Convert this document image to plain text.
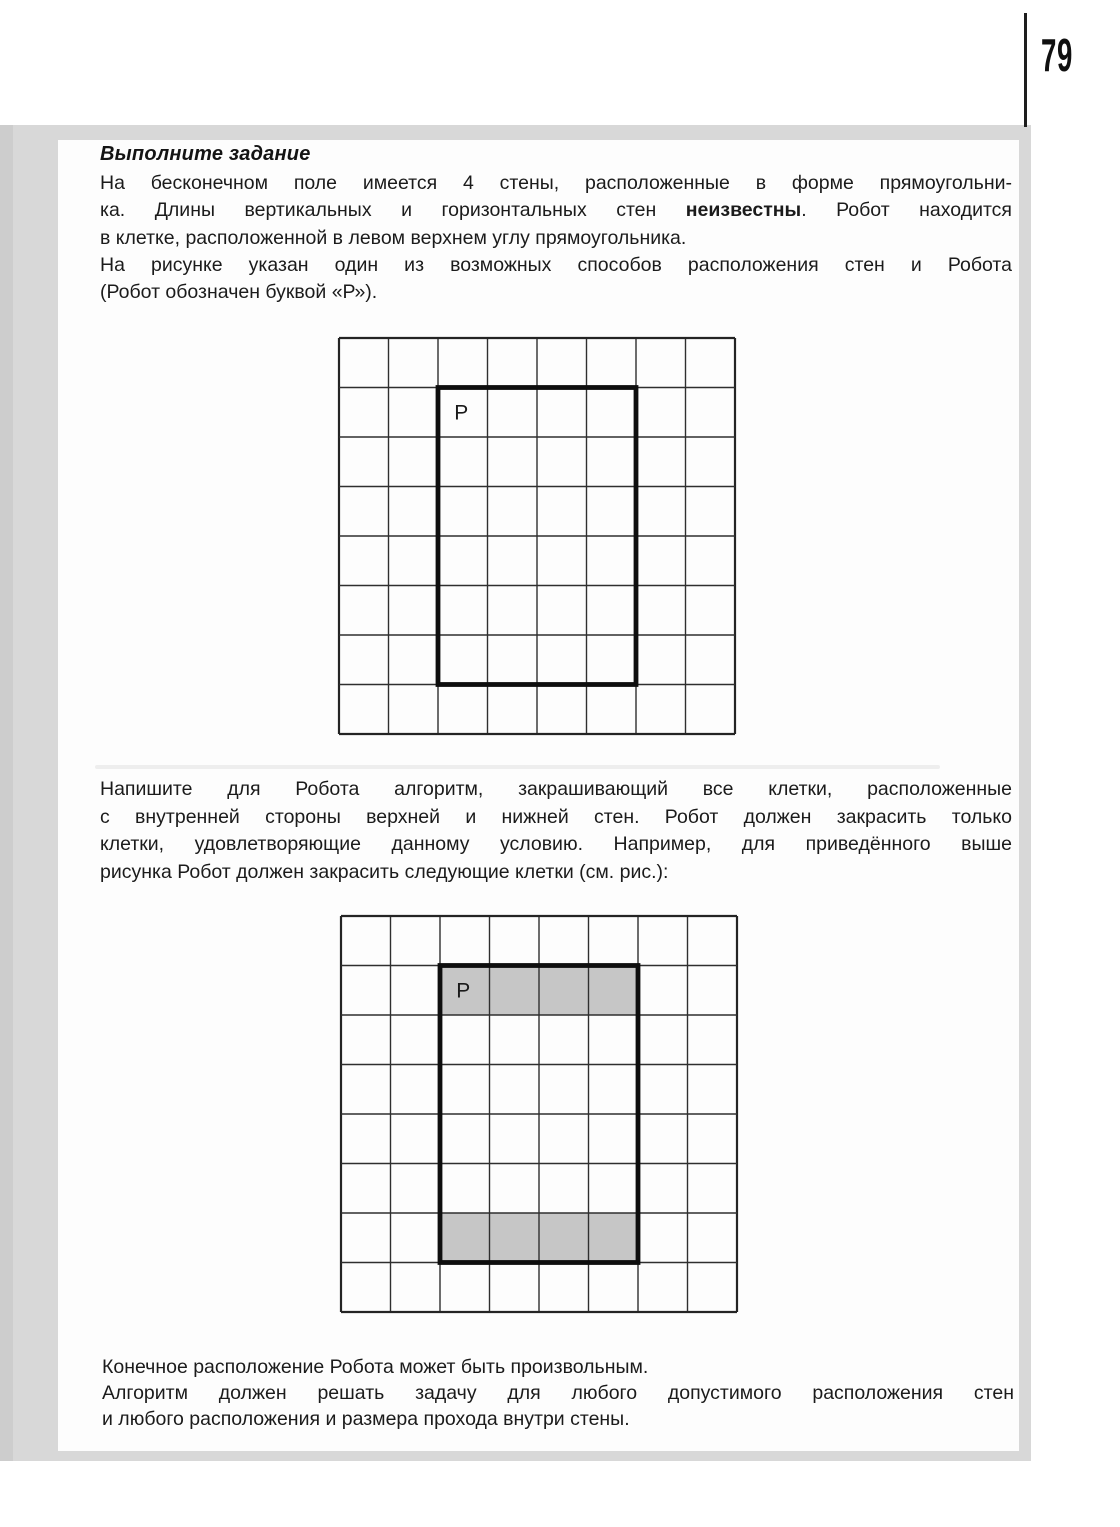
79
Выполните задание
На бесконечном поле имеется 4 стены, расположенные в форме прямоугольни-
ка. Длины вертикальных и горизонтальных стен неизвестны. Робот находится
в клетке, расположенной в левом верхнем углу прямоугольника.
На рисунке указан один из возможных способов расположения стен и Робота
(Робот обозначен буквой «Р»).
Р
Напишите для Робота алгоритм, закрашивающий все клетки, расположенные
с внутренней стороны верхней и нижней стен. Робот должен закрасить только
клетки, удовлетворяющие данному условию. Например, для приведённого выше
рисунка Робот должен закрасить следующие клетки (см. рис.):
Р
Конечное расположение Робота может быть произвольным.
Алгоритм должен решать задачу для любого допустимого расположения стен
и любого расположения и размера прохода внутри стены.
